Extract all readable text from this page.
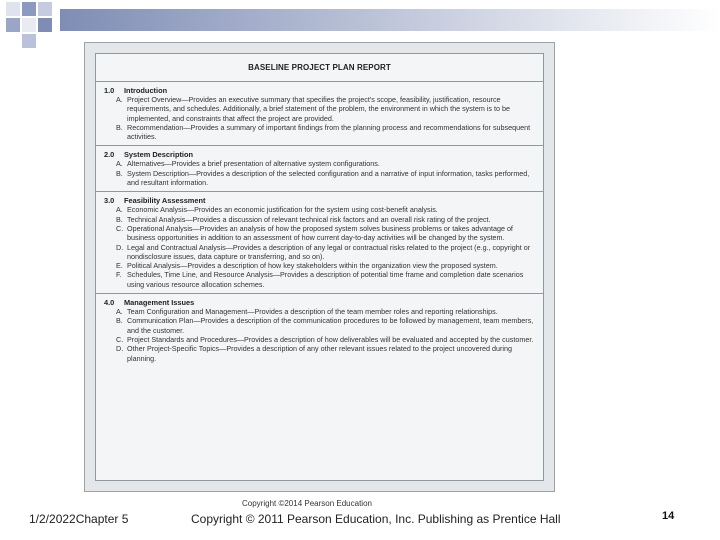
BASELINE PROJECT PLAN REPORT
1.0	Introduction
A. Project Overview—Provides an executive summary that specifies the project's scope, feasibility, justification, resource requirements, and schedules. Additionally, a brief statement of the problem, the environment in which the system is to be implemented, and constraints that affect the project are provided.
B. Recommendation—Provides a summary of important findings from the planning process and recommendations for subsequent activities.
2.0	System Description
A. Alternatives—Provides a brief presentation of alternative system configurations.
B. System Description—Provides a description of the selected configuration and a narrative of input information, tasks performed, and resultant information.
3.0	Feasibility Assessment
A. Economic Analysis—Provides an economic justification for the system using cost-benefit analysis.
B. Technical Analysis—Provides a discussion of relevant technical risk factors and an overall risk rating of the project.
C. Operational Analysis—Provides an analysis of how the proposed system solves business problems or takes advantage of business opportunities in addition to an assessment of how current day-to-day activities will be changed by the system.
D. Legal and Contractual Analysis—Provides a description of any legal or contractual risks related to the project (e.g., copyright or nondisclosure issues, data capture or transferring, and so on).
E. Political Analysis—Provides a description of how key stakeholders within the organization view the proposed system.
F. Schedules, Time Line, and Resource Analysis—Provides a description of potential time frame and completion date scenarios using various resource allocation schemes.
4.0	Management Issues
A. Team Configuration and Management—Provides a description of the team member roles and reporting relationships.
B. Communication Plan—Provides a description of the communication procedures to be followed by management, team members, and the customer.
C. Project Standards and Procedures—Provides a description of how deliverables will be evaluated and accepted by the customer.
D. Other Project-Specific Topics—Provides a description of any other relevant issues related to the project uncovered during planning.
Copyright ©2014 Pearson Education
1/2/2022Chapter 5	Copyright © 2011 Pearson Education, Inc. Publishing as Prentice Hall	14
